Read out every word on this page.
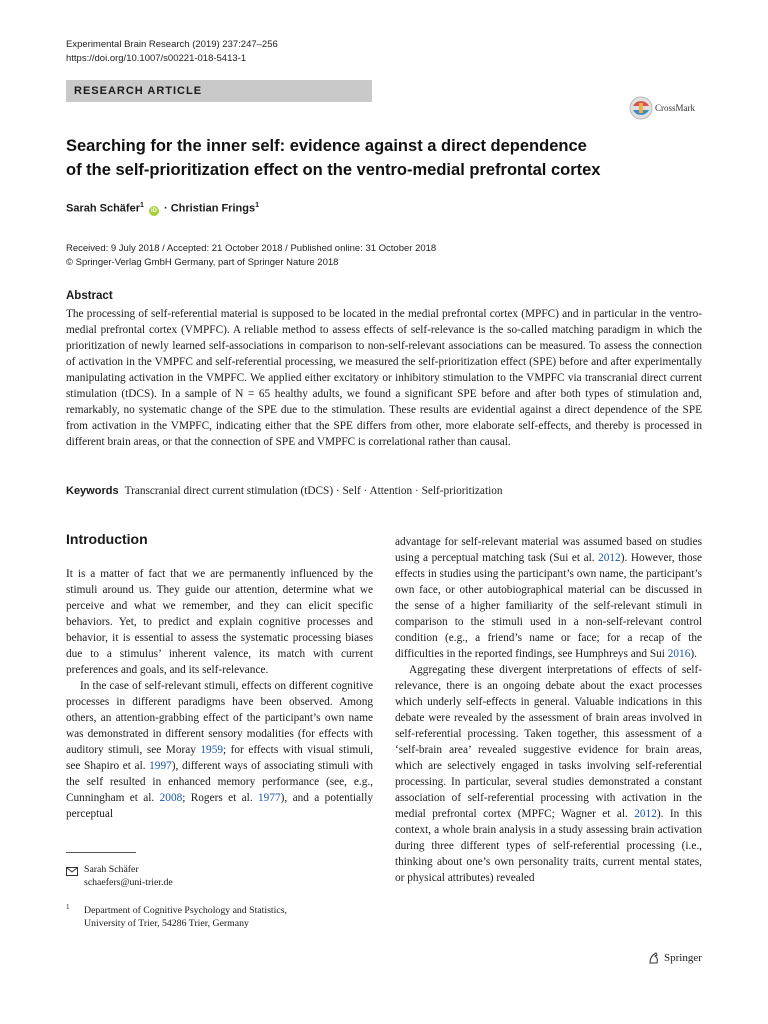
Experimental Brain Research (2019) 237:247–256
https://doi.org/10.1007/s00221-018-5413-1
RESEARCH ARTICLE
CrossMark
Searching for the inner self: evidence against a direct dependence
of the self-prioritization effect on the ventro-medial prefrontal cortex
Sarah Schäfer$^1$ iD · Christian Frings$^1$
Received: 9 July 2018 / Accepted: 21 October 2018 / Published online: 31 October 2018
© Springer-Verlag GmbH Germany, part of Springer Nature 2018
Abstract
The processing of self-referential material is supposed to be located in the medial prefrontal cortex (MPFC) and in particular in the ventro-medial prefrontal cortex (VMPFC). A reliable method to assess effects of self-relevance is the so-called matching paradigm in which the prioritization of newly learned self-associations in comparison to non-self-relevant associations can be measured. To assess the connection of activation in the VMPFC and self-referential processing, we measured the self-prioritization effect (SPE) before and after experimentally manipulating activation in the VMPFC. We applied either excitatory or inhibitory stimulation to the VMPFC via transcranial direct current stimulation (tDCS). In a sample of N = 65 healthy adults, we found a significant SPE before and after both types of stimulation and, remarkably, no systematic change of the SPE due to the stimulation. These results are evidential against a direct dependence of the SPE from activation in the VMPFC, indicating either that the SPE differs from other, more elaborate self-effects, and thereby is processed in different brain areas, or that the connection of SPE and VMPFC is correlational rather than causal.
Keywords Transcranial direct current stimulation (tDCS) · Self · Attention · Self-prioritization
Introduction

It is a matter of fact that we are permanently influenced by the stimuli around us. They guide our attention, determine what we perceive and what we remember, and they can elicit specific behaviors. Yet, to predict and explain cognitive processes and behavior, it is essential to assess the systematic processing biases due to a stimulus’ inherent valence, its match with current preferences and goals, and its self-relevance.

In the case of self-relevant stimuli, effects on different cognitive processes in different paradigms have been observed. Among others, an attention-grabbing effect of the participant’s own name was demonstrated in different sensory modalities (for effects with auditory stimuli, see Moray 1959; for effects with visual stimuli, see Shapiro et al. 1997), different ways of associating stimuli with the self resulted in enhanced memory performance (see, e.g., Cunningham et al. 2008; Rogers et al. 1977), and a potentially perceptual

advantage for self-relevant material was assumed based on studies using a perceptual matching task (Sui et al. 2012). However, those effects in studies using the participant’s own name, the participant’s own face, or other autobiographical material can be discussed in the sense of a higher familiarity of the self-relevant stimuli in comparison to the stimuli used in a non-self-relevant control condition (e.g., a friend’s name or face; for a recap of the difficulties in the reported findings, see Humphreys and Sui 2016).

Aggregating these divergent interpretations of effects of self-relevance, there is an ongoing debate about the exact processes which underly self-effects in general. Valuable indications in this debate were revealed by the assessment of brain areas involved in self-referential processing. Taken together, this assessment of a ‘self-brain area’ revealed suggestive evidence for brain areas, which are selectively engaged in tasks involving self-referential processing. In particular, several studies demonstrated a constant association of self-referential processing with activation in the medial prefrontal cortex (MPFC; Wagner et al. 2012). In this context, a whole brain analysis in a study assessing brain activation during three different types of self-referential processing (i.e., thinking about one’s own personality traits, current mental states, or physical attributes) revealed

Sarah Schäfer
schaefers@uni-trier.de
1 Department of Cognitive Psychology and Statistics,
University of Trier, 54286 Trier, Germany
Springer
